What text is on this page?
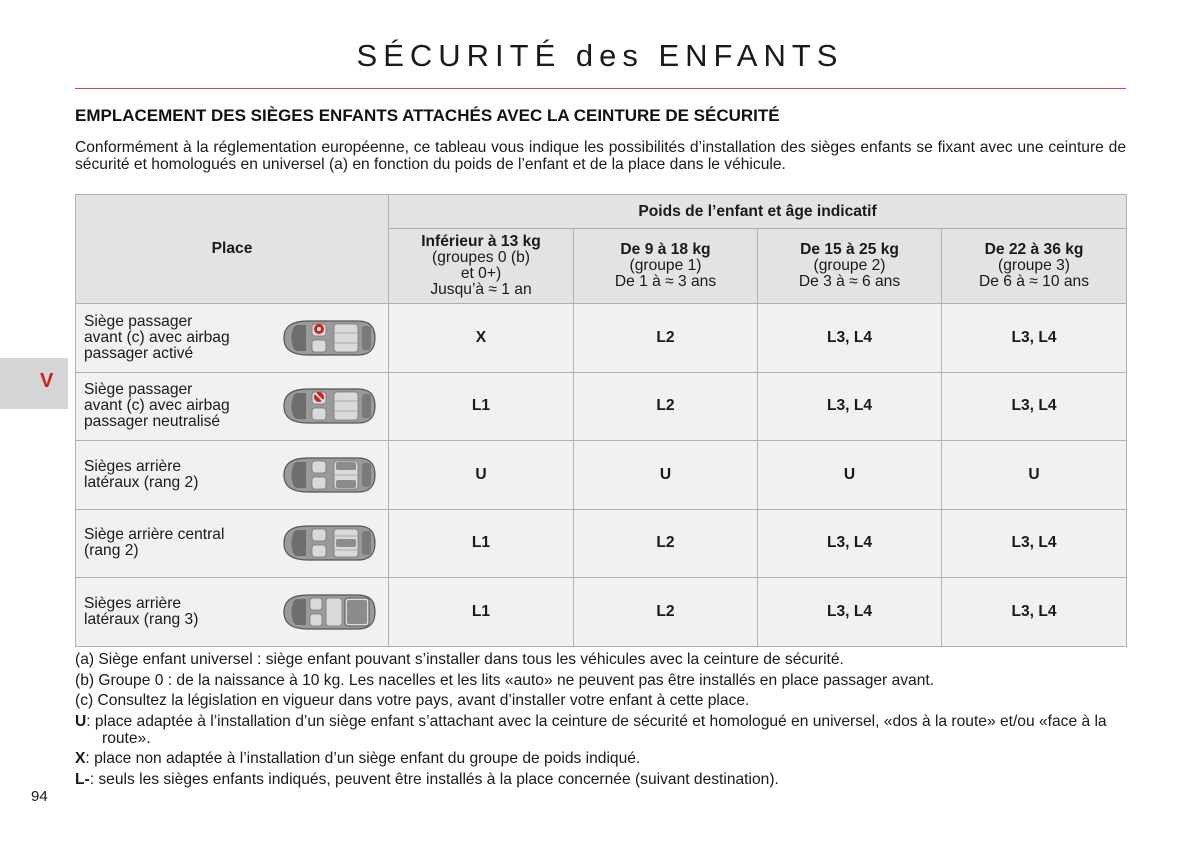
SÉCURITÉ des ENFANTS
EMPLACEMENT DES SIÈGES ENFANTS ATTACHÉS AVEC LA CEINTURE DE SÉCURITÉ

Conformément à la réglementation européenne, ce tableau vous indique les possibilités d’installation des sièges enfants se fixant avec une ceinture de sécurité et homologués en universel (a) en fonction du poids de l’enfant et de la place dans le véhicule.

V
Place	Poids de l’enfant et âge indicatif			

	Inférieur à 13 kg
(groupes 0 (b)
et 0+)
Jusqu’à ≈ 1 an	De 9 à 18 kg
(groupe 1)
De 1 à ≈ 3 ans	De 15 à 25 kg
(groupe 2)
De 3 à ≈ 6 ans	De 22 à 36 kg
(groupe 3)
De 6 à ≈ 10 ans

Siège passager
avant (c) avec airbag
passager activé	X	L2	L3, L4	L3, L4

Siège passager
avant (c) avec airbag
passager neutralisé	L1	L2	L3, L4	L3, L4

Sièges arrière
latéraux (rang 2)	U	U	U	U

Siège arrière central
(rang 2)	L1	L2	L3, L4	L3, L4

Sièges arrière
latéraux (rang 3)	L1	L2	L3, L4	L3, L4
(a) Siège enfant universel : siège enfant pouvant s’installer dans tous les véhicules avec la ceinture de sécurité.
(b) Groupe 0 : de la naissance à 10 kg. Les nacelles et les lits «auto» ne peuvent pas être installés en place passager avant.
(c) Consultez la législation en vigueur dans votre pays, avant d’installer votre enfant à cette place.
U: place adaptée à l’installation d’un siège enfant s’attachant avec la ceinture de sécurité et homologué en universel, «dos à la route» et/ou «face à la route».
X: place non adaptée à l’installation d’un siège enfant du groupe de poids indiqué.
L-: seuls les sièges enfants indiqués, peuvent être installés à la place concernée (suivant destination).
94
